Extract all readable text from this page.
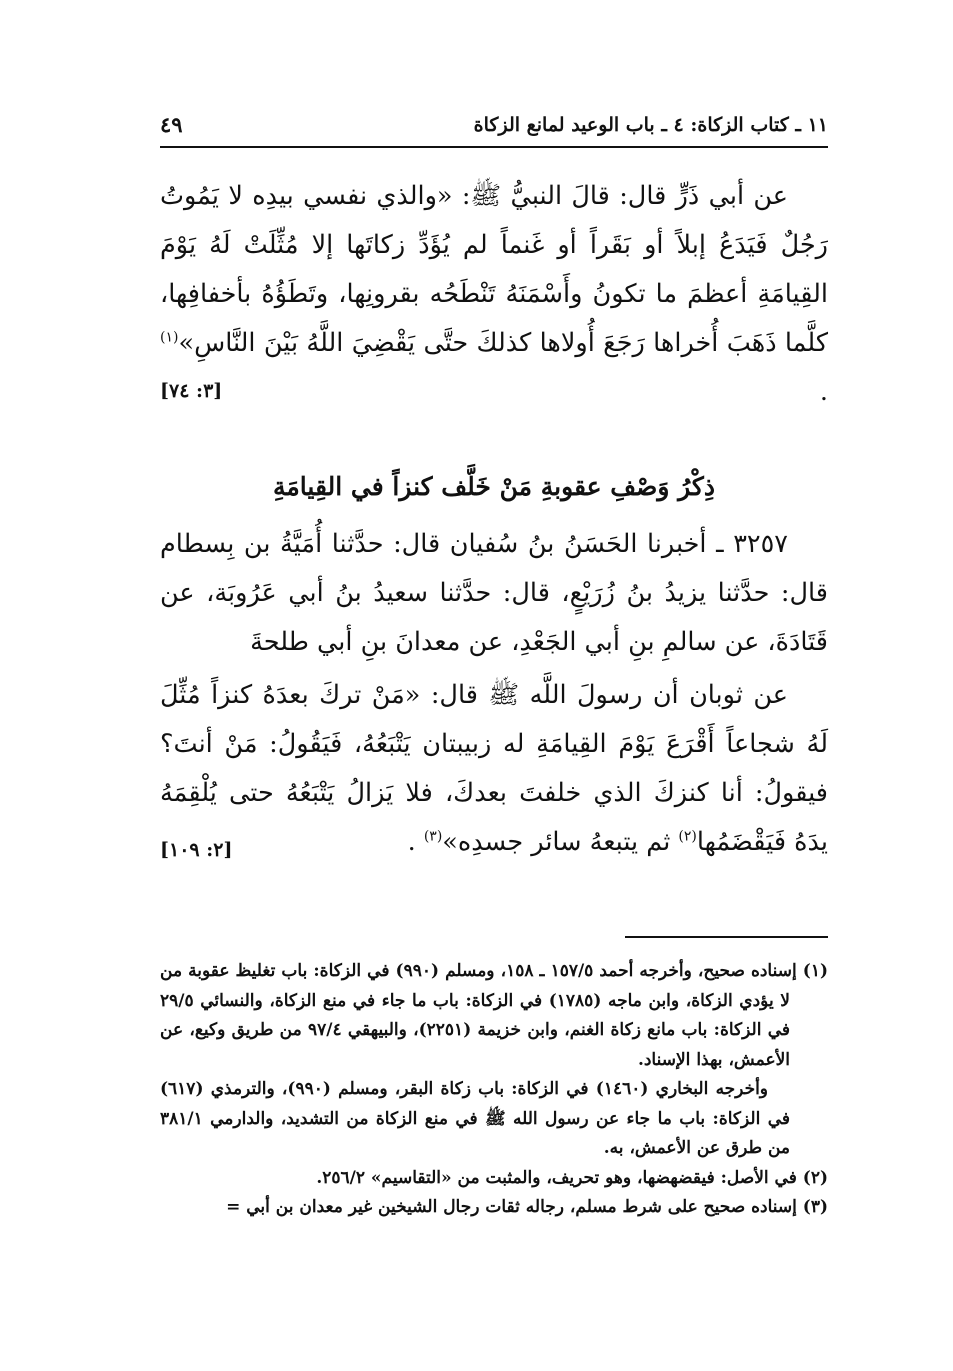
١١ ـ كتاب الزكاة: ٤ ـ باب الوعيد لمانع الزكاة
٤٩
عن أبي ذَرٍّ قال: قالَ النبيُّ ﷺ: «والذي نفسي بيدِه لا يَمُوتُ رَجُلٌ فَيَدَعُ إبلاً أو بَقَراً أو غَنماً لم يُؤَدِّ زكاتَها إلا مُثِّلَتْ لَهُ يَوْمَ القِيامَةِ أعظمَ ما تكونُ وأَسْمَنَهُ تَنْطَحُه بقرونِها، وتَطَؤُهُ بأخفافِها، كلَّما ذَهَبَ أُخراها رَجَعَ أُولاها كذلكَ حتَّى يَقْضِيَ اللَّهُ بَيْنَ النَّاسِ»$^{(١)}$ .
[٣: ٧٤]
ذِكْرُ وَصْفِ عقوبةِ مَنْ خَلَّف كنزاً في القِيامَةِ
٣٢٥٧ ـ أخبرنا الحَسَنُ بنُ سُفيان قال: حدَّثنا أُمَيَّةُ بن بِسطام قال: حدَّثنا يزيدُ بنُ زُرَيْعٍ، قال: حدَّثنا سعيدُ بنُ أبي عَرُوبَة، عن قَتَادَةَ، عن سالمِ بنِ أبي الجَعْدِ، عن معدانَ بنِ أبي طلحةَ
عن ثوبان أن رسولَ اللَّه ﷺ قال: «مَنْ تركَ بعدَهُ كنزاً مُثِّلَ لَهُ شجاعاً أَقْرَعَ يَوْمَ القِيامَةِ له زبيبتان يَتْبَعُهُ، فَيَقُولُ: مَنْ أنتَ؟ فيقولُ: أنا كنزكَ الذي خلفتَ بعدكَ، فلا يَزالُ يَتْبَعُهُ حتى يُلْقِمَهُ يدَهُ فَيَقْضَمُها$^{(٢)}$ ثم يتبعهُ سائر جسدِه»$^{(٣)}$ .
[٢: ١٠٩]
(١) إسناده صحيح، وأخرجه أحمد ١٥٧/٥ ـ ١٥٨، ومسلم (٩٩٠) في الزكاة: باب تغليظ عقوبة من لا يؤدي الزكاة، وابن ماجه (١٧٨٥) في الزكاة: باب ما جاء في منع الزكاة، والنسائي ٢٩/٥ في الزكاة: باب مانع زكاة الغنم، وابن خزيمة (٢٢٥١)، والبيهقي ٩٧/٤ من طريق وكيع، عن الأعمش، بهذا الإسناد.
وأخرجه البخاري (١٤٦٠) في الزكاة: باب زكاة البقر، ومسلم (٩٩٠)، والترمذي (٦١٧) في الزكاة: باب ما جاء عن رسول الله ﷺ في منع الزكاة من التشديد، والدارمي ٣٨١/١ من طرق عن الأعمش، به.
(٢) في الأصل: فيقضهضها، وهو تحريف، والمثبت من «التقاسيم» ٢٥٦/٢.
(٣) إسناده صحيح على شرط مسلم، رجاله ثقات رجال الشيخين غير معدان بن أبي =
